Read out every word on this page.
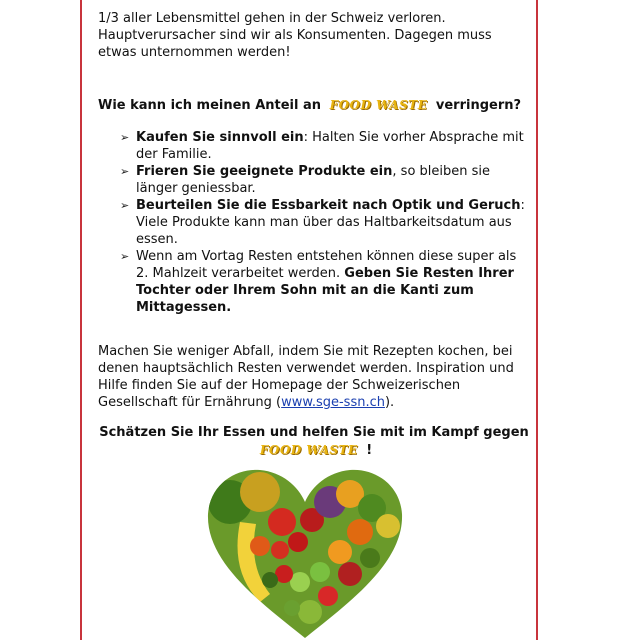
1/3 aller Lebensmittel gehen in der Schweiz verloren. Hauptverursacher sind wir als Konsumenten. Dagegen muss etwas unternommen werden!
Wie kann ich meinen Anteil an FOOD WASTE verringern?
➢ Kaufen Sie sinnvoll ein: Halten Sie vorher Absprache mit der Familie.
➢ Frieren Sie geeignete Produkte ein, so bleiben sie länger geniessbar.
➢ Beurteilen Sie die Essbarkeit nach Optik und Geruch: Viele Produkte kann man über das Haltbarkeitsdatum aus essen.
➢ Wenn am Vortag Resten entstehen können diese super als 2. Mahlzeit verarbeitet werden. Geben Sie Resten Ihrer Tochter oder Ihrem Sohn mit an die Kanti zum Mittagessen.
Machen Sie weniger Abfall, indem Sie mit Rezepten kochen, bei denen hauptsächlich Resten verwendet werden. Inspiration und Hilfe finden Sie auf der Homepage der Schweizerischen Gesellschaft für Ernährung (www.sge-ssn.ch).
Schätzen Sie Ihr Essen und helfen Sie mit im Kampf gegen
FOOD WASTE !
